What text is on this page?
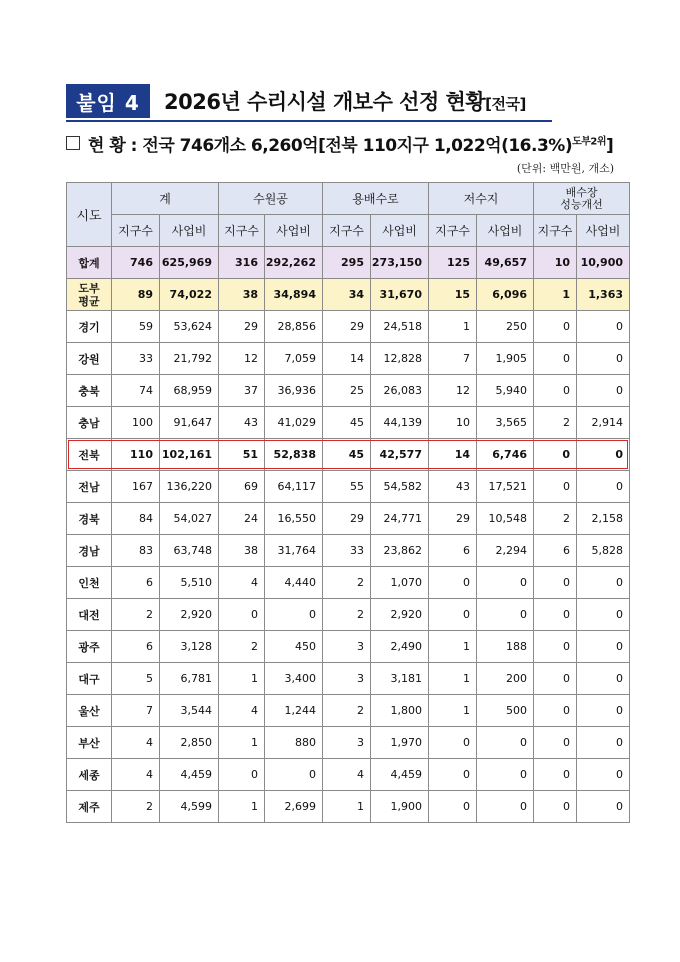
붙임 4	2026년 수리시설 개보수 선정 현황[전국]
현 황 : 전국 746개소 6,260억[전북 110지구 1,022억$(16.3\%)^{도부2위}$]
(단위: 백만원, 개소)
시도	계		수원공		용배수로		저수지		배수장
성능개선	
	지구수	사업비	지구수	사업비	지구수	사업비	지구수	사업비	지구수	사업비
합계	746	625,969	316	292,262	295	273,150	125	49,657	10	10,900
도부
평균	89	74,022	38	34,894	34	31,670	15	6,096	1	1,363
경기	59	53,624	29	28,856	29	24,518	1	250	0	0
강원	33	21,792	12	7,059	14	12,828	7	1,905	0	0
충북	74	68,959	37	36,936	25	26,083	12	5,940	0	0
충남	100	91,647	43	41,029	45	44,139	10	3,565	2	2,914
전북	110	102,161	51	52,838	45	42,577	14	6,746	0	0
전남	167	136,220	69	64,117	55	54,582	43	17,521	0	0
경북	84	54,027	24	16,550	29	24,771	29	10,548	2	2,158
경남	83	63,748	38	31,764	33	23,862	6	2,294	6	5,828
인천	6	5,510	4	4,440	2	1,070	0	0	0	0
대전	2	2,920	0	0	2	2,920	0	0	0	0
광주	6	3,128	2	450	3	2,490	1	188	0	0
대구	5	6,781	1	3,400	3	3,181	1	200	0	0
울산	7	3,544	4	1,244	2	1,800	1	500	0	0
부산	4	2,850	1	880	3	1,970	0	0	0	0
세종	4	4,459	0	0	4	4,459	0	0	0	0
제주	2	4,599	1	2,699	1	1,900	0	0	0	0
